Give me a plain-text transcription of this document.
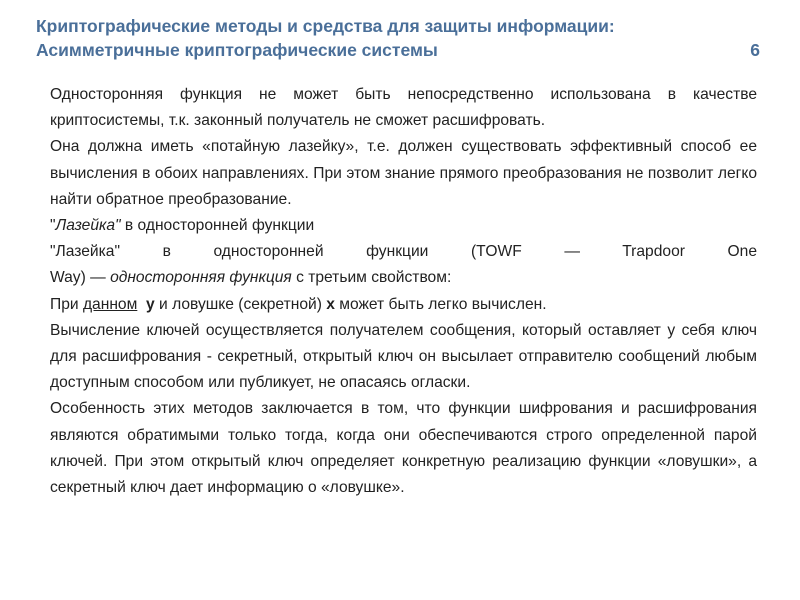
Криптографические методы и средства для защиты информации:
Асимметричные криптографические системы	6

Односторонняя функция не может быть непосредственно использована в качестве криптосистемы, т.к. законный получатель не сможет расшифровать.

Она должна иметь «потайную лазейку», т.е. должен существовать эффективный способ ее вычисления в обоих направлениях. При этом знание прямого преобразования не позволит легко найти обратное преобразование.

"Лазейка" в односторонней функции

"Лазейка" в односторонней функции (TOWF — Trapdoor One
Way) — односторонняя функция с третьим свойством:

При данном у и ловушке (секретной) х может быть легко вычислен.

Вычисление ключей осуществляется получателем сообщения, который оставляет у себя ключ для расшифрования - секретный, открытый ключ он высылает отправителю сообщений любым доступным способом или публикует, не опасаясь огласки.

Особенность этих методов заключается в том, что функции шифрования и расшифрования являются обратимыми только тогда, когда они обеспечиваются строго определенной парой ключей. При этом открытый ключ определяет конкретную реализацию функции «ловушки», а секретный ключ дает информацию о «ловушке».
